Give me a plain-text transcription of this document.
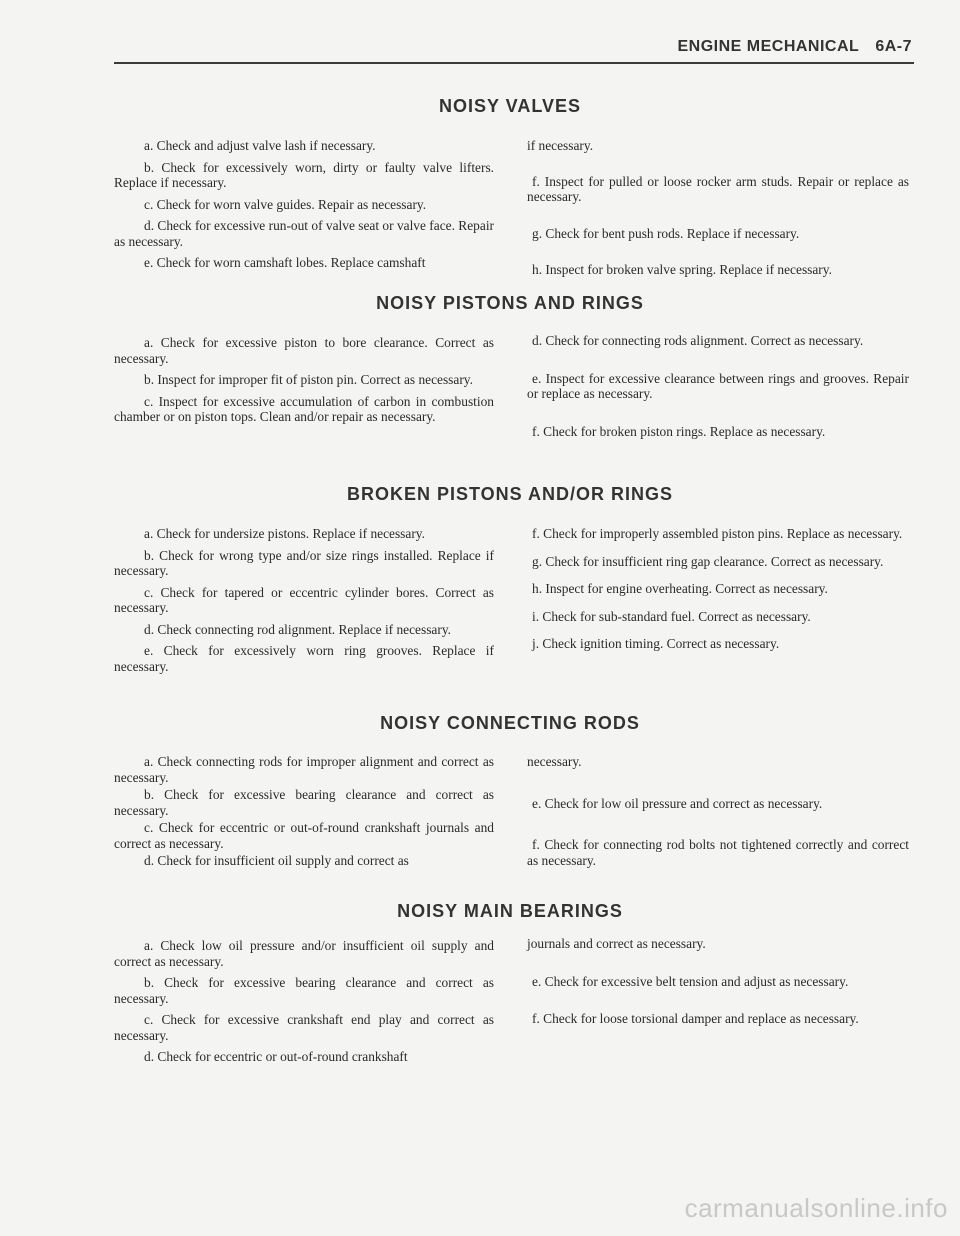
ENGINE MECHANICAL 6A-7
NOISY VALVES

a. Check and adjust valve lash if necessary.

b. Check for excessively worn, dirty or faulty valve lifters. Replace if necessary.

c. Check for worn valve guides. Repair as necessary.

d. Check for excessive run-out of valve seat or valve face. Repair as necessary.

e. Check for worn camshaft lobes. Replace camshaft

if necessary.

f. Inspect for pulled or loose rocker arm studs. Repair or replace as necessary.

g. Check for bent push rods. Replace if necessary.

h. Inspect for broken valve spring. Replace if necessary.

NOISY PISTONS AND RINGS

a. Check for excessive piston to bore clearance. Correct as necessary.

b. Inspect for improper fit of piston pin. Correct as necessary.

c. Inspect for excessive accumulation of carbon in combustion chamber or on piston tops. Clean and/or repair as necessary.

d. Check for connecting rods alignment. Correct as necessary.

e. Inspect for excessive clearance between rings and grooves. Repair or replace as necessary.

f. Check for broken piston rings. Replace as necessary.

BROKEN PISTONS AND/OR RINGS

a. Check for undersize pistons. Replace if necessary.

b. Check for wrong type and/or size rings installed. Replace if necessary.

c. Check for tapered or eccentric cylinder bores. Correct as necessary.

d. Check connecting rod alignment. Replace if necessary.

e. Check for excessively worn ring grooves. Replace if necessary.

f. Check for improperly assembled piston pins. Replace as necessary.

g. Check for insufficient ring gap clearance. Correct as necessary.

h. Inspect for engine overheating. Correct as necessary.

i. Check for sub-standard fuel. Correct as necessary.

j. Check ignition timing. Correct as necessary.

NOISY CONNECTING RODS

a. Check connecting rods for improper alignment and correct as necessary.

b. Check for excessive bearing clearance and correct as necessary.

c. Check for eccentric or out-of-round crankshaft journals and correct as necessary.

d. Check for insufficient oil supply and correct as

necessary.

e. Check for low oil pressure and correct as necessary.

f. Check for connecting rod bolts not tightened correctly and correct as necessary.

NOISY MAIN BEARINGS

a. Check low oil pressure and/or insufficient oil supply and correct as necessary.

b. Check for excessive bearing clearance and correct as necessary.

c. Check for excessive crankshaft end play and correct as necessary.

d. Check for eccentric or out-of-round crankshaft

journals and correct as necessary.

e. Check for excessive belt tension and adjust as necessary.

f. Check for loose torsional damper and replace as necessary.

carmanualsonline.info
